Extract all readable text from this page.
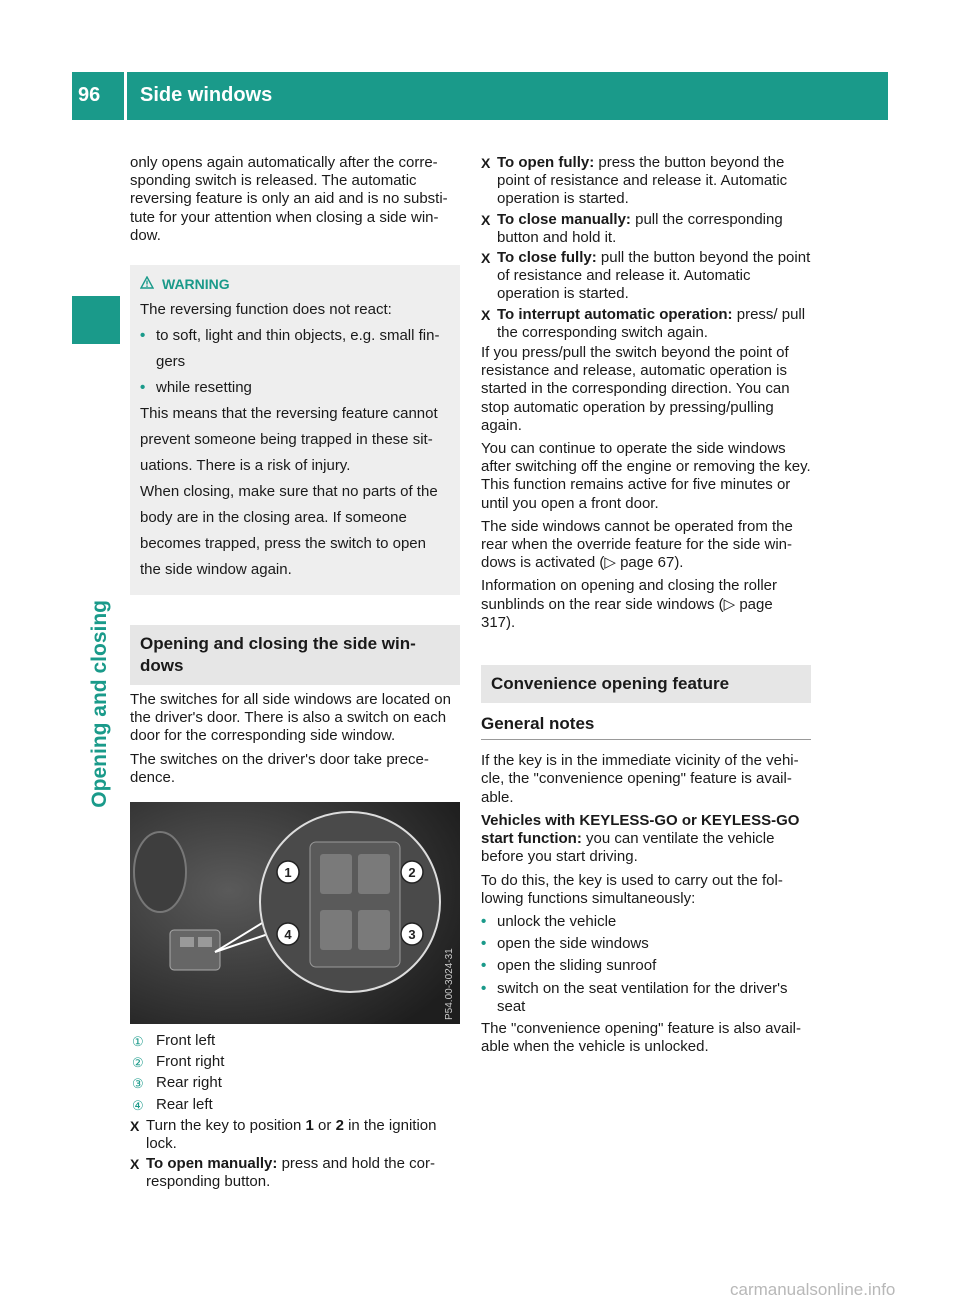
96	Side windows
Opening and closing

only opens again automatically after the corre- sponding switch is released. The automatic reversing feature is only an aid and is no substi- tute for your attention when closing a side win- dow.

WARNING

The reversing function does not react:

• to soft, light and thin objects, e.g. small fin- gers
• while resetting

This means that the reversing feature cannot prevent someone being trapped in these sit- uations. There is a risk of injury.

When closing, make sure that no parts of the body are in the closing area. If someone becomes trapped, press the switch to open the side window again.

Opening and closing the side win- dows

The switches for all side windows are located on the driver's door. There is also a switch on each door for the corresponding side window.

The switches on the driver's door take prece- dence.

1	2
3
4
P54.00-3024-31
① Front left
② Front right
③ Rear right
④ Rear left
X Turn the key to position 1 or 2 in the ignition lock.
X To open manually: press and hold the cor- responding button.
X To open fully: press the button beyond the point of resistance and release it. Automatic operation is started.
X To close manually: pull the corresponding button and hold it.
X To close fully: pull the button beyond the point of resistance and release it. Automatic operation is started.
X To interrupt automatic operation: press/ pull the corresponding switch again.

If you press/pull the switch beyond the point of resistance and release, automatic operation is started in the corresponding direction. You can stop automatic operation by pressing/pulling again.

You can continue to operate the side windows after switching off the engine or removing the key. This function remains active for five minutes or until you open a front door.

The side windows cannot be operated from the rear when the override feature for the side win- dows is activated (▷ page 67).

Information on opening and closing the roller sunblinds on the rear side windows (▷ page 317).

Convenience opening feature
General notes

If the key is in the immediate vicinity of the vehi- cle, the "convenience opening" feature is avail- able.

Vehicles with KEYLESS-GO or KEYLESS-GO start function: you can ventilate the vehicle before you start driving.

To do this, the key is used to carry out the fol- lowing functions simultaneously:

• unlock the vehicle
• open the side windows
• open the sliding sunroof
• switch on the seat ventilation for the driver's seat

The "convenience opening" feature is also avail- able when the vehicle is unlocked.

carmanualsonline.info
